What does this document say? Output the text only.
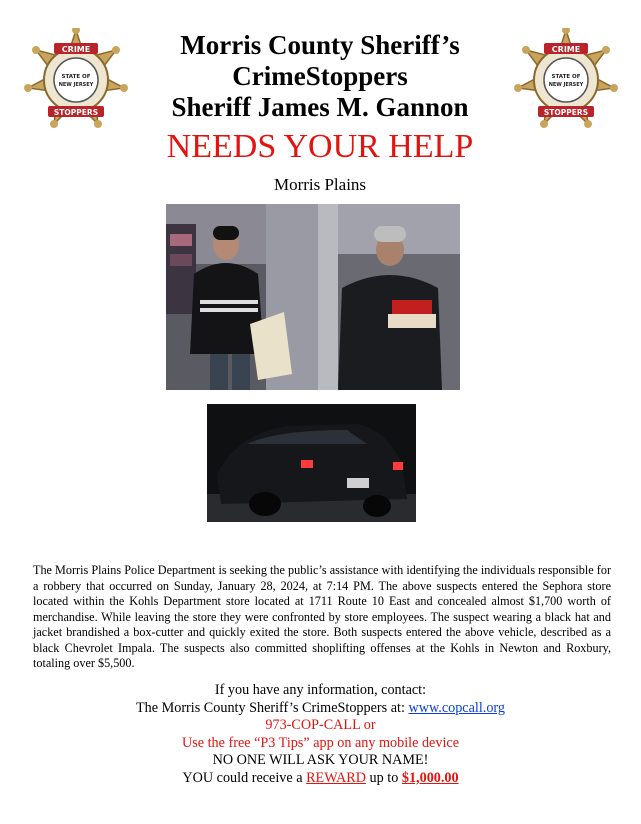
CRIME
STOPPERS
STATE OF
NEW JERSEY
CRIME
STOPPERS
STATE OF
NEW JERSEY
Morris County Sheriff’s
CrimeStoppers
Sheriff James M. Gannon
NEEDS YOUR HELP
Morris Plains
The Morris Plains Police Department is seeking the public’s assistance with identifying the individuals responsible for a robbery that occurred on Sunday, January 28, 2024, at 7:14 PM. The above suspects entered the Sephora store located within the Kohls Department store located at 1711 Route 10 East and concealed almost $1,700 worth of merchandise. While leaving the store they were confronted by store employees. The suspect wearing a black hat and jacket brandished a box-cutter and quickly exited the store. Both suspects entered the above vehicle, described as a black Chevrolet Impala. The suspects also committed shoplifting offenses at the Kohls in Newton and Roxbury, totaling over $5,500.
If you have any information, contact:
The Morris County Sheriff’s CrimeStoppers at: www.copcall.org
973-COP-CALL or
Use the free “P3 Tips” app on any mobile device
NO ONE WILL ASK YOUR NAME!
YOU could receive a REWARD up to $1,000.00
